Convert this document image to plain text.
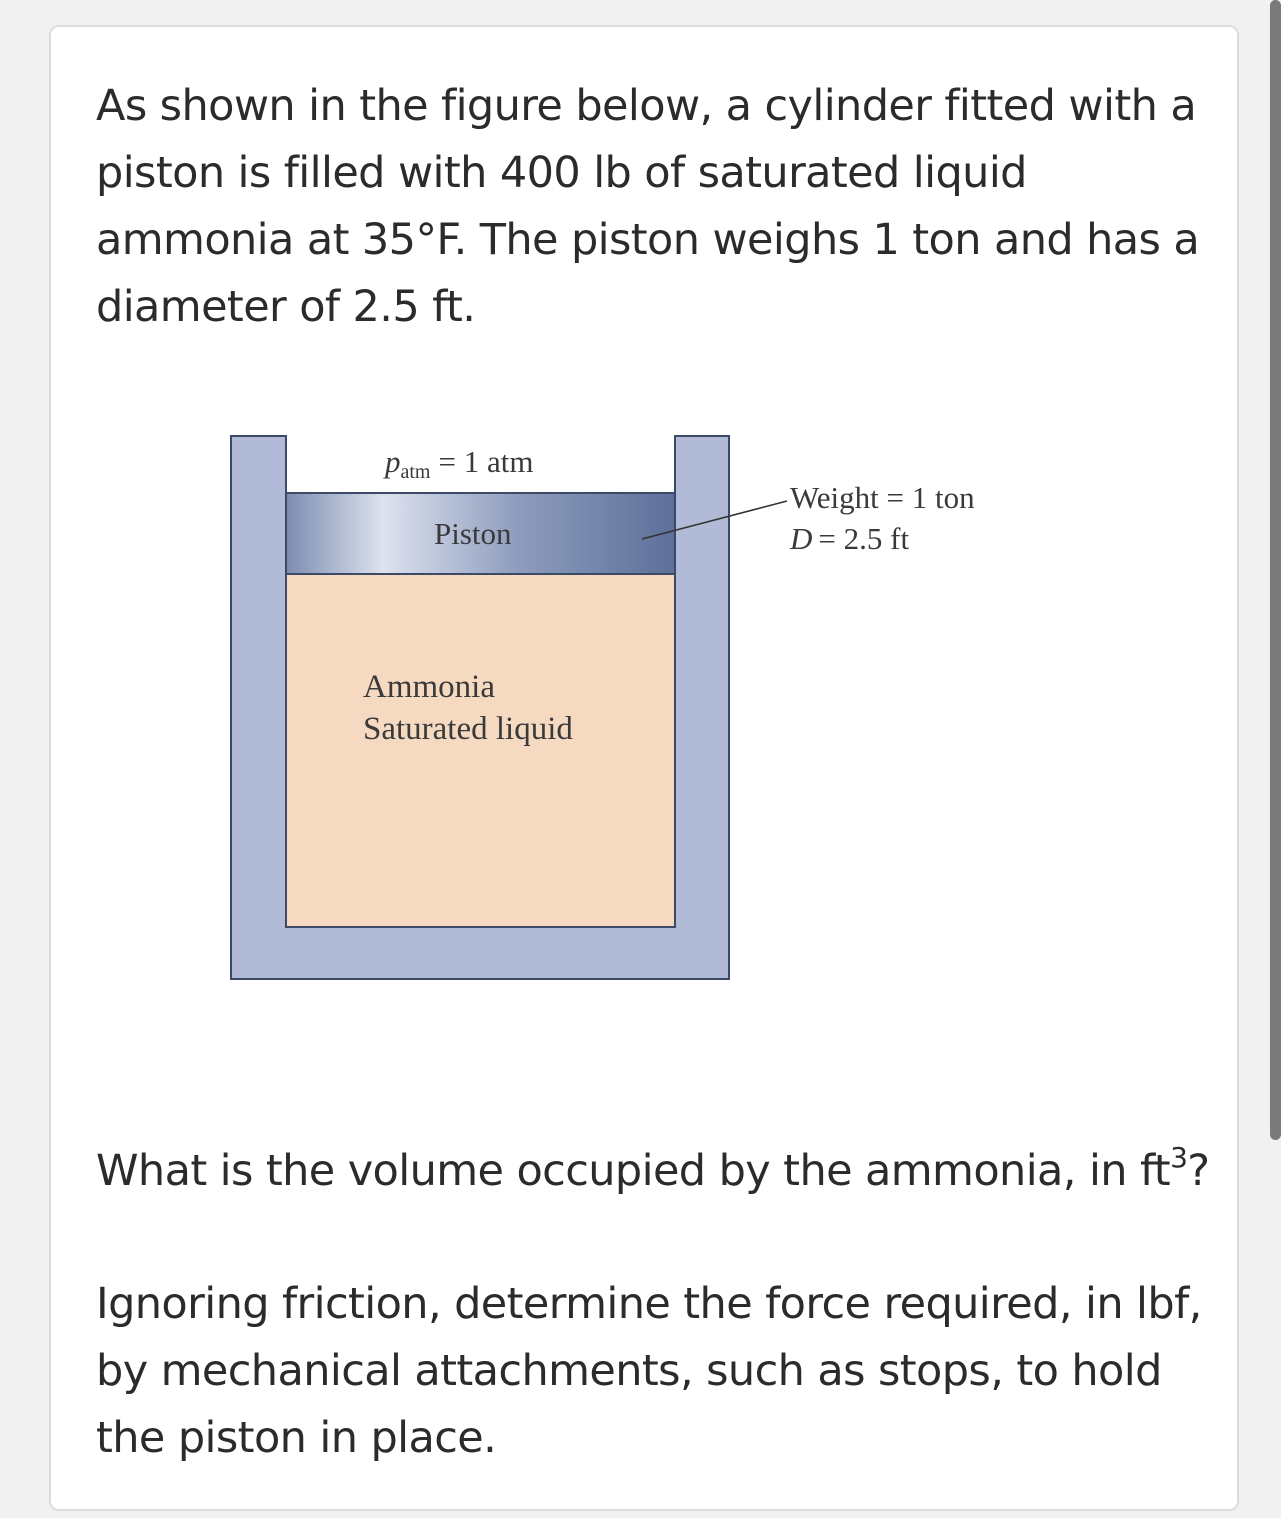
As shown in the figure below, a cylinder fitted with a piston is filled with 400 lb of saturated liquid ammonia at 35°F. The piston weighs 1 ton and has a diameter of 2.5 ft.
patm = 1 atm
Piston
Weight = 1 ton
D = 2.5 ft
Ammonia
Saturated liquid
What is the volume occupied by the ammonia, in $ft^3$?
Ignoring friction, determine the force required, in lbf, by mechanical attachments, such as stops, to hold the piston in place.
